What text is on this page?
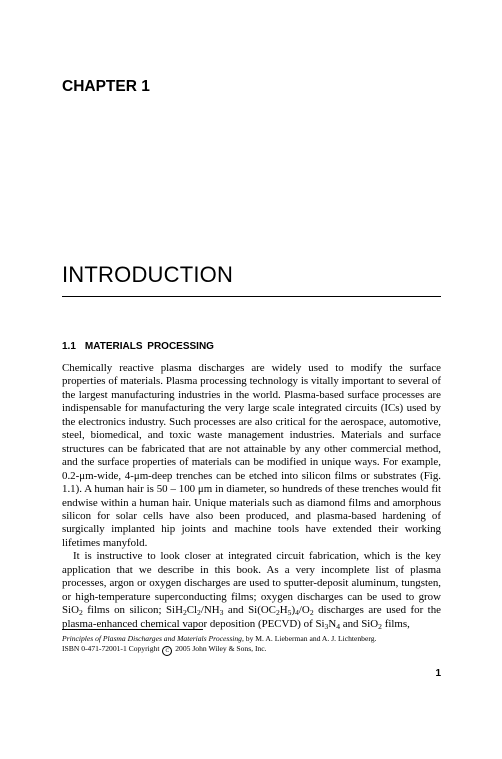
CHAPTER 1
INTRODUCTION
1.1 MATERIALS PROCESSING

Chemically reactive plasma discharges are widely used to modify the surface properties of materials. Plasma processing technology is vitally important to several of the largest manufacturing industries in the world. Plasma-based surface processes are indispensable for manufacturing the very large scale integrated circuits (ICs) used by the electronics industry. Such processes are also critical for the aerospace, automotive, steel, biomedical, and toxic waste management industries. Materials and surface structures can be fabricated that are not attainable by any other commercial method, and the surface properties of materials can be modified in unique ways. For example, 0.2-μm-wide, 4-μm-deep trenches can be etched into silicon films or substrates (Fig. 1.1). A human hair is 50 – 100 μm in diameter, so hundreds of these trenches would fit endwise within a human hair. Unique materials such as diamond films and amorphous silicon for solar cells have also been produced, and plasma-based hardening of surgically implanted hip joints and machine tools have extended their working lifetimes manyfold.

It is instructive to look closer at integrated circuit fabrication, which is the key application that we describe in this book. As a very incomplete list of plasma processes, argon or oxygen discharges are used to sputter-deposit aluminum, tungsten, or high-temperature superconducting films; oxygen discharges can be used to grow SiO$_2$ films on silicon; $SiH_2Cl_2/NH_3$ and $Si(OC_2H_5)_4/O_2$ discharges are used for the plasma-enhanced chemical vapor deposition (PECVD) of $Si_3N_4$ and SiO$_2$ films,

Principles of Plasma Discharges and Materials Processing, by M. A. Lieberman and A. J. Lichtenberg.
ISBN 0-471-72001-1 Copyright C 2005 John Wiley & Sons, Inc.
1
